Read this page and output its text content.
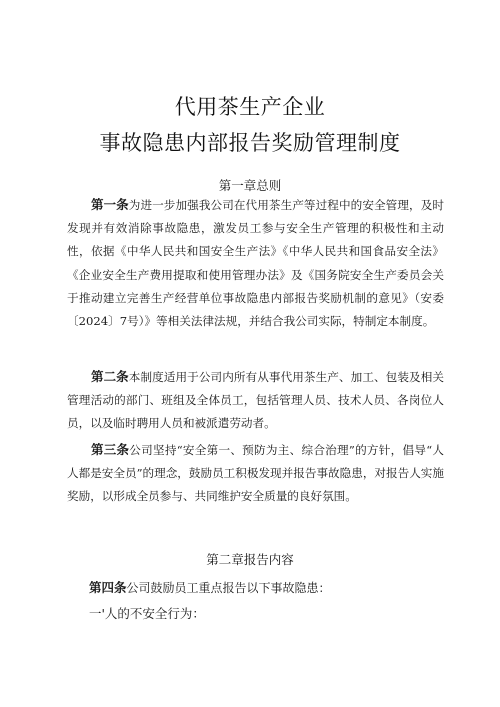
代用茶生产企业
事故隐患内部报告奖励管理制度
第一章总则

第一条为进一步加强我公司在代用茶生产等过程中的安全管理，及时发现并有效消除事故隐患，激发员工参与安全生产管理的积极性和主动性，依据《中华人民共和国安全生产法》《中华人民共和国食品安全法》《企业安全生产费用提取和使用管理办法》及《国务院安全生产委员会关于推动建立完善生产经营单位事故隐患内部报告奖励机制的意见》（安委〔2024〕7号）》等相关法律法规，并结合我公司实际，特制定本制度。

第二条本制度适用于公司内所有从事代用茶生产、加工、包装及相关管理活动的部门、班组及全体员工，包括管理人员、技术人员、各岗位人员，以及临时聘用人员和被派遣劳动者。

第三条公司坚持“安全第一、预防为主、综合治理”的方针，倡导“人人都是安全员”的理念，鼓励员工积极发现并报告事故隐患，对报告人实施奖励，以形成全员参与、共同维护安全质量的良好氛围。

第二章报告内容

第四条公司鼓励员工重点报告以下事故隐患：

一'人的不安全行为：
